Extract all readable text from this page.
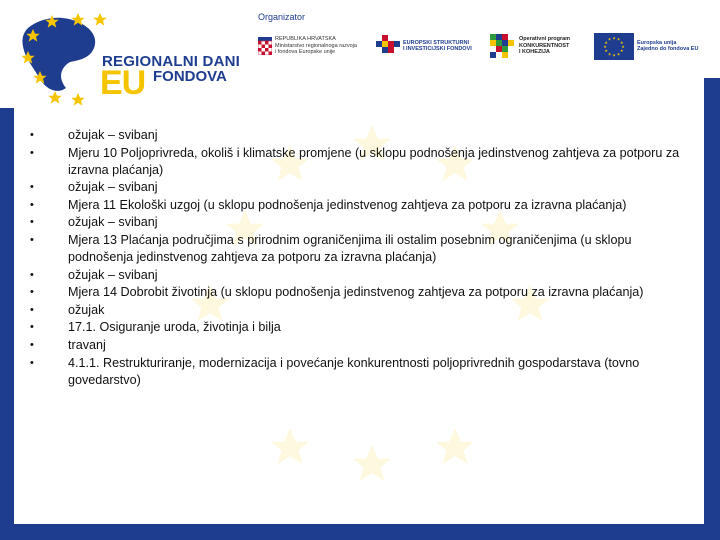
REGIONALNI DANI
EU FONDOVA
Organizator
REPUBLIKA HRVATSKA
Ministarstvo regionalnoga razvoja
i fondova Europske unije
EUROPSKI STRUKTURNI
I INVESTICIJSKI FONDOVI
Operativni program
KONKURENTNOST
I KOHEZIJA
★ ★
★
★
★
★
★
★
★
★
★
★
Europska unija
Zajedno do fondova EU
•	ožujak – svibanj
•	Mjeru 10 Poljoprivreda, okoliš i klimatske promjene (u sklopu podnošenja jedinstvenog zahtjeva za potporu za izravna plaćanja)
•	ožujak – svibanj
•	Mjera 11 Ekološki uzgoj (u sklopu podnošenja jedinstvenog zahtjeva za potporu za izravna plaćanja)
•	ožujak – svibanj
•	Mjera 13 Plaćanja područjima s prirodnim ograničenjima ili ostalim posebnim ograničenjima (u sklopu podnošenja jedinstvenog zahtjeva za potporu za izravna plaćanja)
•	ožujak – svibanj
•	Mjera 14 Dobrobit životinja (u sklopu podnošenja jedinstvenog zahtjeva za potporu za izravna plaćanja)
•	ožujak
•	17.1. Osiguranje uroda, životinja i bilja
•	travanj
•	4.1.1. Restrukturiranje, modernizacija i povećanje konkurentnosti poljoprivrednih gospodarstava (tovno govedarstvo)
